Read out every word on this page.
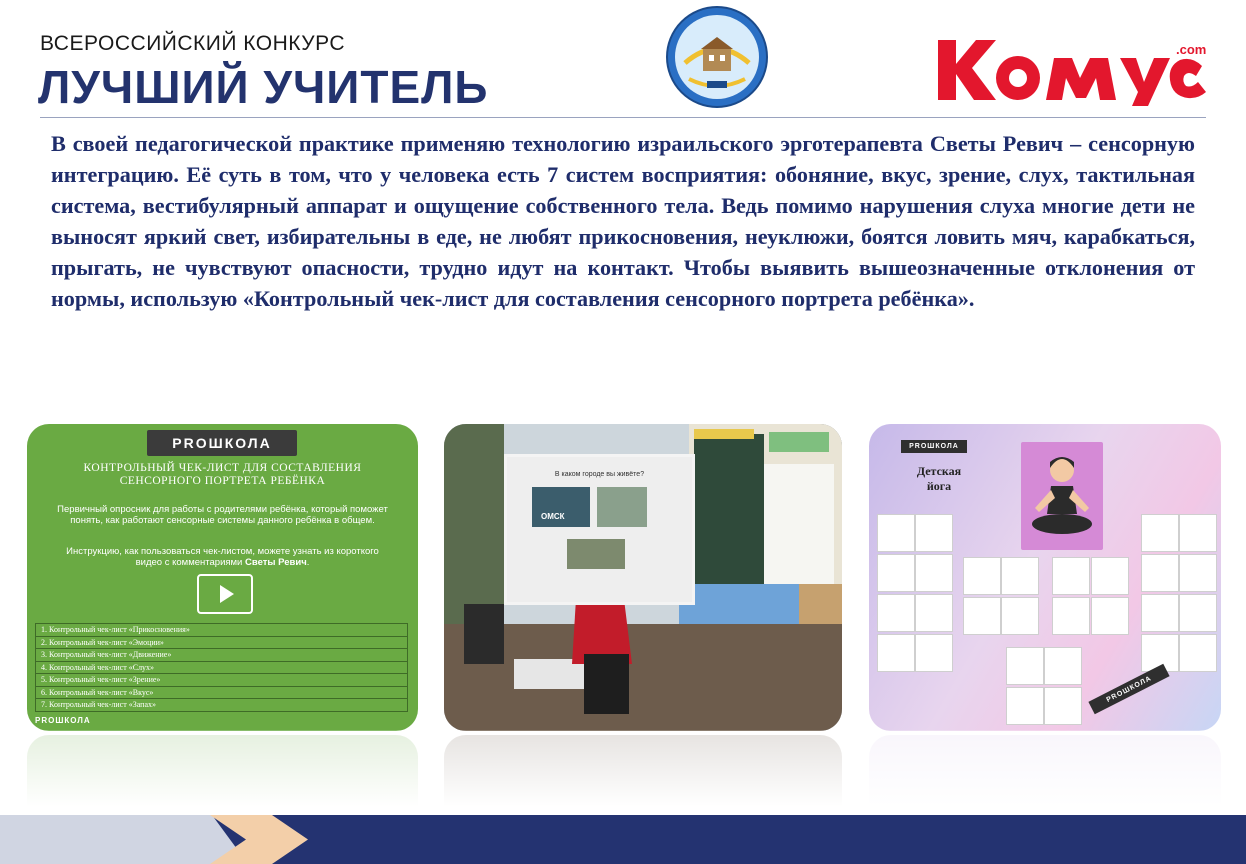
ВСЕРОССИЙСКИЙ КОНКУРС
ЛУЧШИЙ УЧИТЕЛЬ
.com
В своей педагогической практике применяю технологию израильского эрготерапевта Светы Ревич – сенсорную интеграцию. Её суть в том, что у человека есть 7 систем восприятия: обоняние, вкус, зрение, слух, тактильная система, вестибулярный аппарат и ощущение собственного тела. Ведь помимо нарушения слуха многие дети не выносят яркий свет, избирательны в еде, не любят прикосновения, неуклюжи, боятся ловить мяч, карабкаться, прыгать, не чувствуют опасности, трудно идут на контакт. Чтобы выявить вышеозначенные отклонения от нормы, использую «Контрольный чек-лист для составления сенсорного портрета ребёнка».
PROШКОЛА
КОНТРОЛЬНЫЙ ЧЕК-ЛИСТ ДЛЯ СОСТАВЛЕНИЯ СЕНСОРНОГО ПОРТРЕТА РЕБЁНКА
Первичный опросник для работы с родителями ребёнка, который поможет понять, как работают сенсорные системы данного ребёнка в общем.
Инструкцию, как пользоваться чек-листом, можете узнать из короткого видео с комментариями Светы Ревич.
1. Контрольный чек-лист «Прикосновения»
2. Контрольный чек-лист «Эмоции»
3. Контрольный чек-лист «Движение»
4. Контрольный чек-лист «Слух»
5. Контрольный чек-лист «Зрение»
6. Контрольный чек-лист «Вкус»
7. Контрольный чек-лист «Запах»
PROШКОЛА
В каком городе вы живёте?
ОМСК
PROШКОЛА
Детская
йога
PROШКОЛА
